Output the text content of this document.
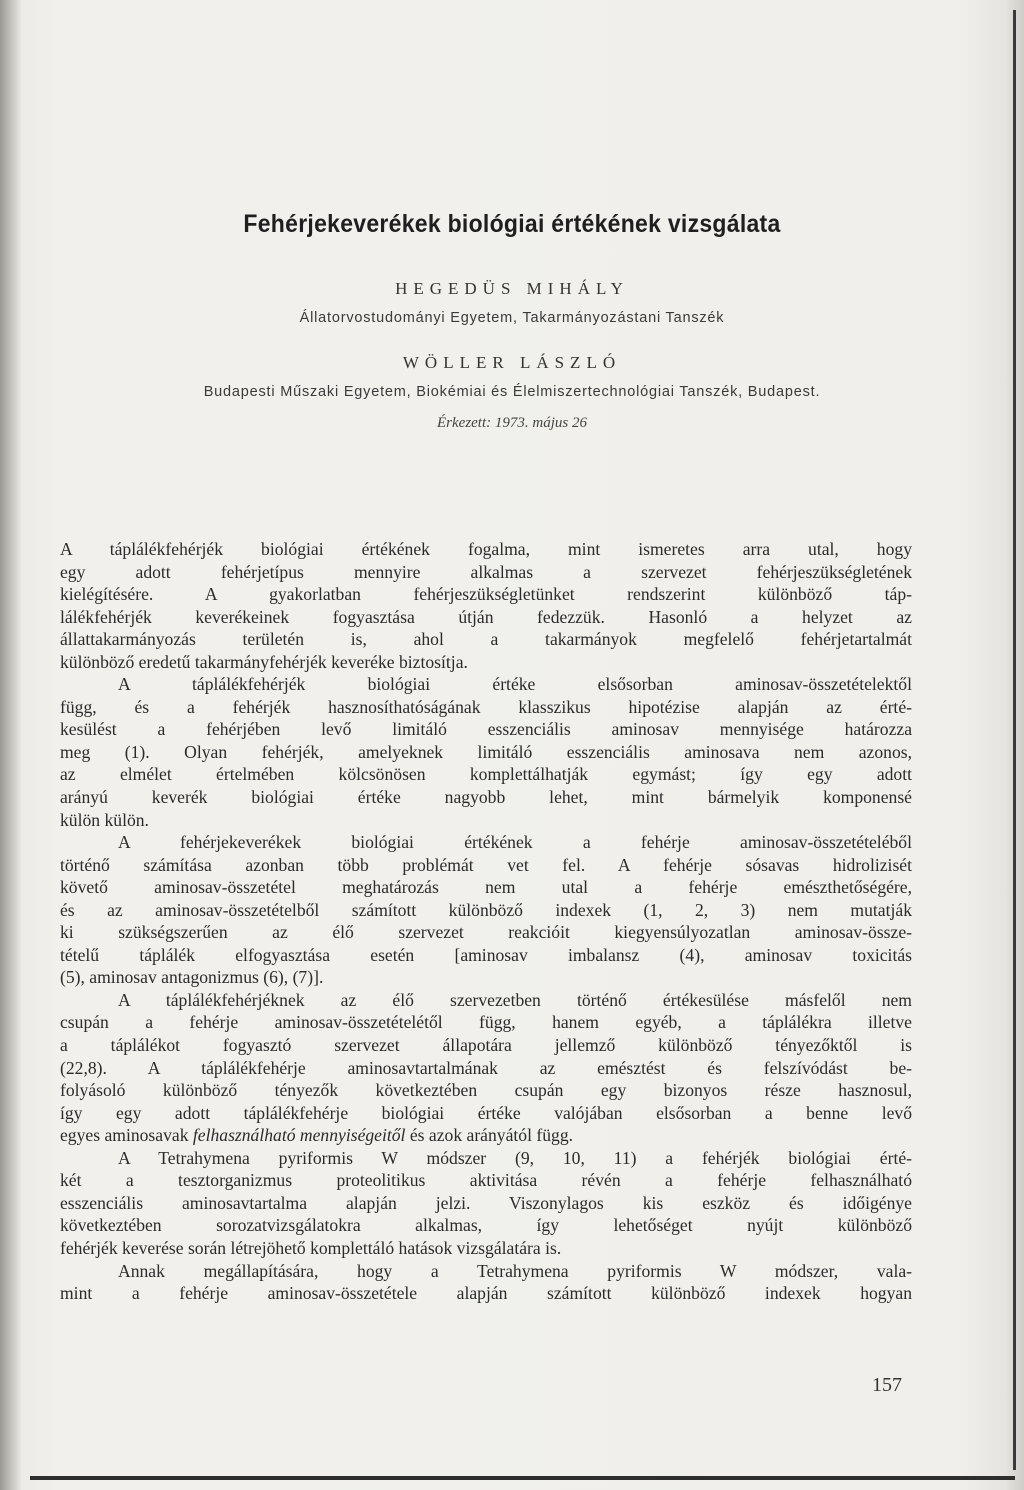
Fehérjekeverékek biológiai értékének vizsgálata
HEGEDÜS MIHÁLY
Állatorvostudományi Egyetem, Takarmányozástani Tanszék
WÖLLER LÁSZLÓ
Budapesti Műszaki Egyetem, Biokémiai és Élelmiszertechnológiai Tanszék, Budapest.
Érkezett: 1973. május 26
A táplálékfehérjék biológiai értékének fogalma, mint ismeretes arra utal, hogy
egy adott fehérjetípus mennyire alkalmas a szervezet fehérjeszükségletének
kielégítésére. A gyakorlatban fehérjeszükségletünket rendszerint különböző táp-
lálékfehérjék keverékeinek fogyasztása útján fedezzük. Hasonló a helyzet az
állattakarmányozás területén is, ahol a takarmányok megfelelő fehérjetartalmát
különböző eredetű takarmányfehérjék keveréke biztosítja.
A táplálékfehérjék biológiai értéke elsősorban aminosav-összetételektől
függ, és a fehérjék hasznosíthatóságának klasszikus hipotézise alapján az érté-
kesülést a fehérjében levő limitáló esszenciális aminosav mennyisége határozza
meg (1). Olyan fehérjék, amelyeknek limitáló esszenciális aminosava nem azonos,
az elmélet értelmében kölcsönösen komplettálhatják egymást; így egy adott
arányú keverék biológiai értéke nagyobb lehet, mint bármelyik komponensé
külön külön.
A fehérjekeverékek biológiai értékének a fehérje aminosav-összetételéből
történő számítása azonban több problémát vet fel. A fehérje sósavas hidrolizisét
követő aminosav-összetétel meghatározás nem utal a fehérje emészthetőségére,
és az aminosav-összetételből számított különböző indexek (1, 2, 3) nem mutatják
ki szükségszerűen az élő szervezet reakcióit kiegyensúlyozatlan aminosav-össze-
tételű táplálék elfogyasztása esetén [aminosav imbalansz (4), aminosav toxicitás
(5), aminosav antagonizmus (6), (7)].
A táplálékfehérjéknek az élő szervezetben történő értékesülése másfelől nem
csupán a fehérje aminosav-összetételétől függ, hanem egyéb, a táplálékra illetve
a táplálékot fogyasztó szervezet állapotára jellemző különböző tényezőktől is
(22,8). A táplálékfehérje aminosavtartalmának az emésztést és felszívódást be-
folyásoló különböző tényezők következtében csupán egy bizonyos része hasznosul,
így egy adott táplálékfehérje biológiai értéke valójában elsősorban a benne levő
egyes aminosavak felhasználható mennyiségeitől és azok arányától függ.
A Tetrahymena pyriformis W módszer (9, 10, 11) a fehérjék biológiai érté-
két a tesztorganizmus proteolitikus aktivitása révén a fehérje felhasználható
esszenciális aminosavtartalma alapján jelzi. Viszonylagos kis eszköz és időigénye
következtében sorozatvizsgálatokra alkalmas, így lehetőséget nyújt különböző
fehérjék keverése során létrejöhető komplettáló hatások vizsgálatára is.
Annak megállapítására, hogy a Tetrahymena pyriformis W módszer, vala-
mint a fehérje aminosav-összetétele alapján számított különböző indexek hogyan
157
